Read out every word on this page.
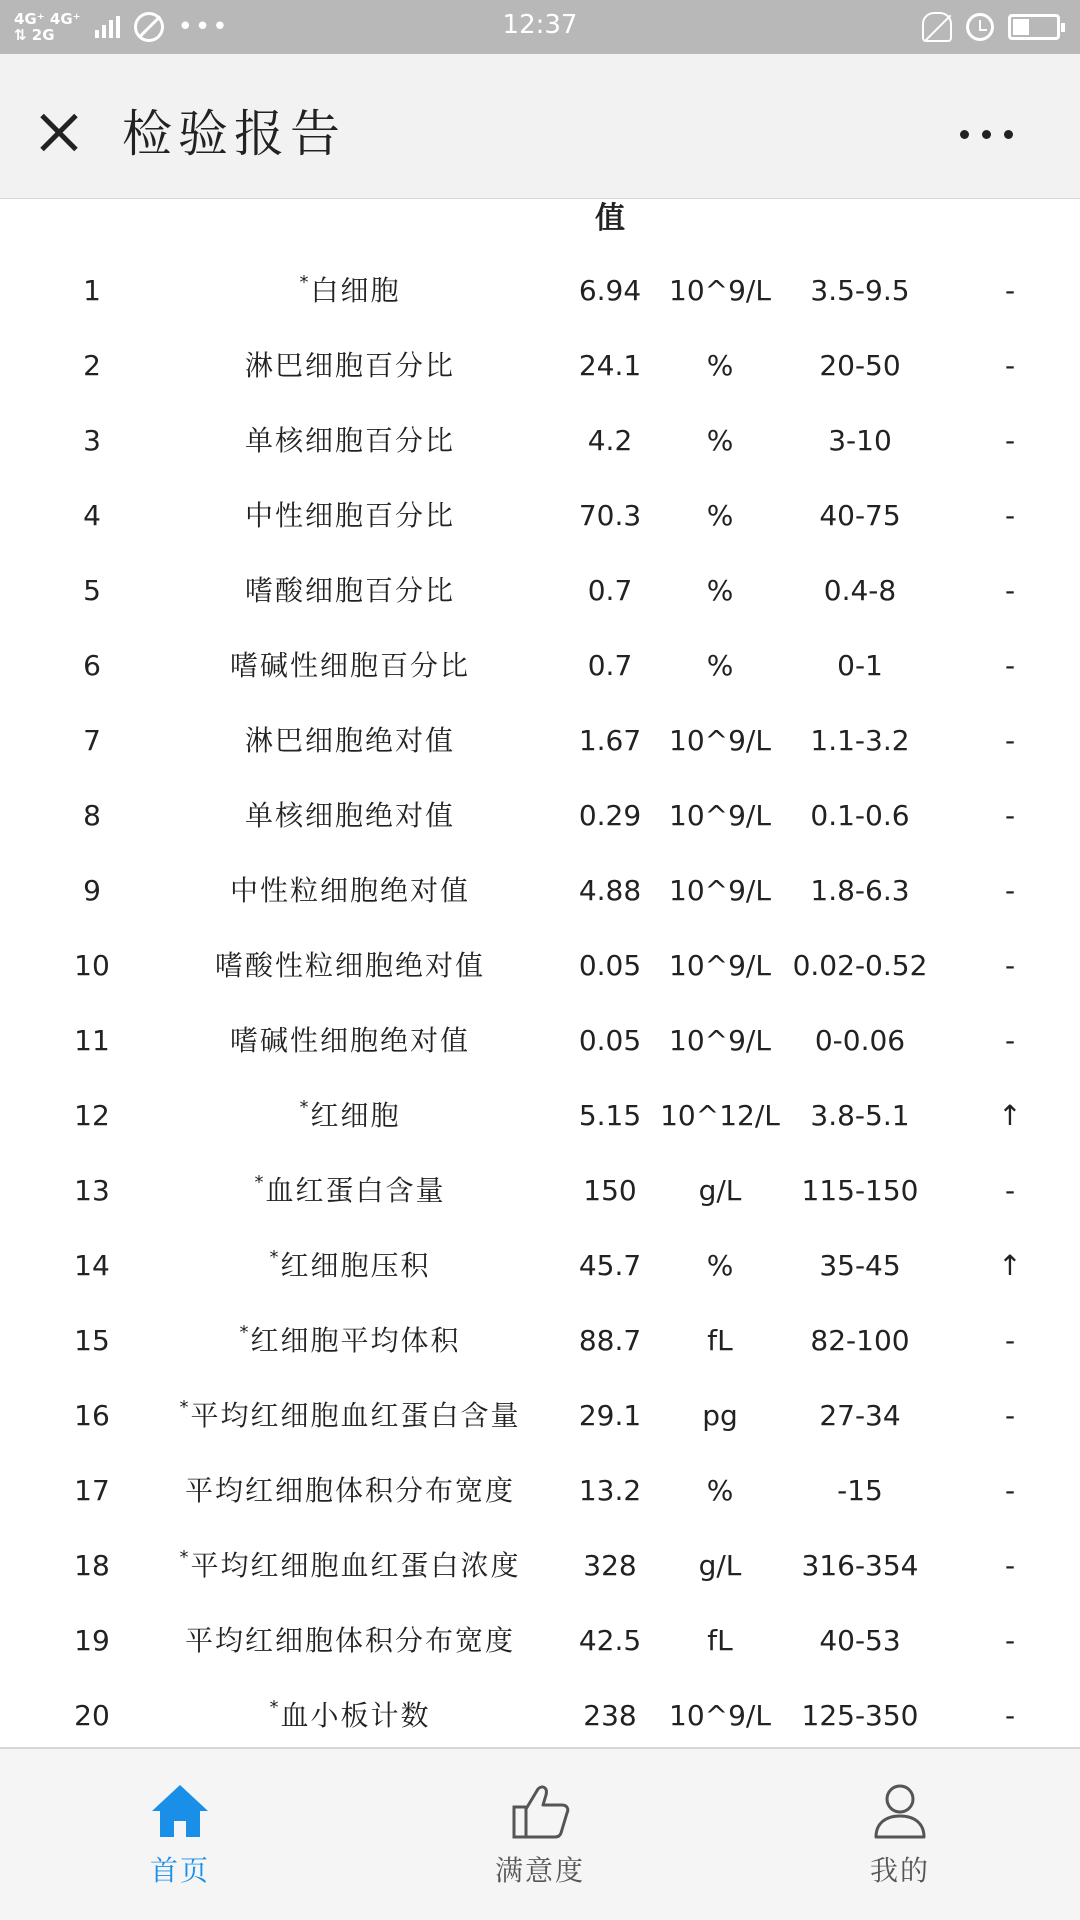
4G⁺ 4G⁺
⇅ 2G	•••	12:37
检验报告
值
1	*白细胞	6.94 10^9/L	3.5-9.5	-
2	淋巴细胞百分比	24.1	%	20-50	-
3	单核细胞百分比	4.2	%	3-10	-
4	中性细胞百分比	70.3	%	40-75	-
5	嗜酸细胞百分比	0.7	%	0.4-8	-
6	嗜碱性细胞百分比	0.7	%	0-1	-
7	淋巴细胞绝对值	1.67 10^9/L	1.1-3.2	-
8	单核细胞绝对值	0.29 10^9/L	0.1-0.6	-
9	中性粒细胞绝对值	4.88 10^9/L	1.8-6.3	-
10	嗜酸性粒细胞绝对值	0.05 10^9/L 0.02-0.52	-
11	嗜碱性细胞绝对值	0.05 10^9/L	0-0.06	-
12	*红细胞	5.15 10^12/L	3.8-5.1	↑
13	*血红蛋白含量	150	g/L	115-150	-
14	*红细胞压积	45.7	%	35-45	↑
15	*红细胞平均体积	88.7	fL	82-100	-
16	*平均红细胞血红蛋白含量	29.1	pg	27-34	-
17	平均红细胞体积分布宽度	13.2	%	-15	-
18	*平均红细胞血红蛋白浓度	328	g/L	316-354	-
19	平均红细胞体积分布宽度	42.5	fL	40-53	-
20	*血小板计数	238	10^9/L	125-350	-
首页	满意度	我的
